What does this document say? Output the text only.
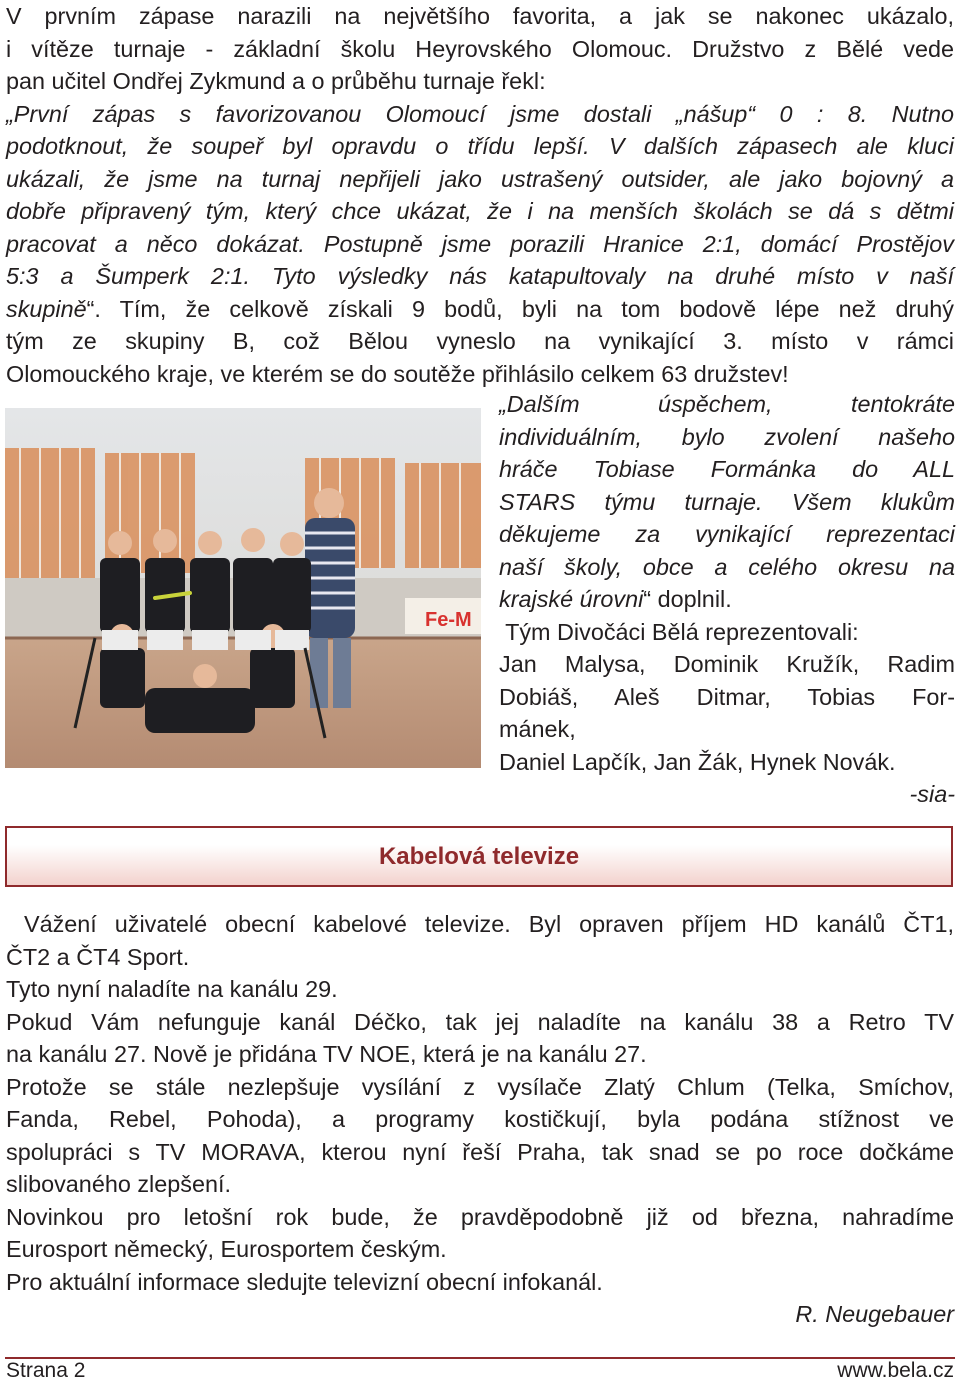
V prvním zápase narazili na největšího favorita, a jak se nakonec ukázalo,
i vítěze turnaje - základní školu Heyrovského Olomouc. Družstvo z Bělé vede
pan učitel Ondřej Zykmund a o průběhu turnaje řekl:
„První zápas s favorizovanou Olomoucí jsme dostali „nášup“ 0 : 8. Nutno
podotknout, že soupeř byl opravdu o třídu lepší. V dalších zápasech ale kluci
ukázali, že jsme na turnaj nepřijeli jako ustrašený outsider, ale jako bojovný a
dobře připravený tým, který chce ukázat, že i na menších školách se dá s dětmi
pracovat a něco dokázat. Postupně jsme porazili Hranice 2:1, domácí Prostějov
5:3 a Šumperk 2:1. Tyto výsledky nás katapultovaly na druhé místo v naší
skupině“. Tím, že celkově získali 9 bodů, byli na tom bodově lépe než druhý
tým ze skupiny B, což Bělou vyneslo na vynikající 3. místo v rámci
Olomouckého kraje, ve kterém se do soutěže přihlásilo celkem 63 družstev!
Fe-M
„Dalším úspěchem, tentokráte
individuálním, bylo zvolení našeho
hráče Tobiase Formánka do ALL
STARS týmu turnaje. Všem klukům
děkujeme za vynikající reprezentaci
naší školy, obce a celého okresu na
krajské úrovni“ doplnil.
Tým Divočáci Bělá reprezentovali:
Jan Malysa, Dominik Kružík, Radim
Dobiáš, Aleš Ditmar, Tobias For-
mánek,
Daniel Lapčík, Jan Žák, Hynek Novák.
-sia-
Kabelová televize
Vážení uživatelé obecní kabelové televize. Byl opraven příjem HD kanálů ČT1,
ČT2 a ČT4 Sport.
Tyto nyní naladíte na kanálu 29.
Pokud Vám nefunguje kanál Déčko, tak jej naladíte na kanálu 38 a Retro TV
na kanálu 27. Nově je přidána TV NOE, která je na kanálu 27.
Protože se stále nezlepšuje vysílání z vysílače Zlatý Chlum (Telka, Smíchov,
Fanda, Rebel, Pohoda), a programy kostičkují, byla podána stížnost ve
spolupráci s TV MORAVA, kterou nyní řeší Praha, tak snad se po roce dočkáme
slibovaného zlepšení.
Novinkou pro letošní rok bude, že pravděpodobně již od března, nahradíme
Eurosport německý, Eurosportem českým.
Pro aktuální informace sledujte televizní obecní infokanál.
R. Neugebauer
Strana 2	www.bela.cz
